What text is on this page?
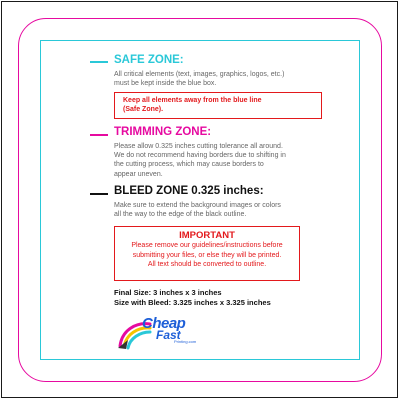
SAFE ZONE:
All critical elements (text, images, graphics, logos, etc.)
must be kept inside the blue box.
Keep all elements away from the blue line
(Safe Zone).
TRIMMING ZONE:
Please allow 0.325 inches cutting tolerance all around.
We do not recommend having borders due to shifting in
the cutting process, which may cause borders to
appear uneven.
BLEED ZONE 0.325 inches:
Make sure to extend the background images or colors
all the way to the edge of the black outline.
IMPORTANT
Please remove our guidelines/instructions before
submitting your files, or else they will be printed.
All text should be converted to outline.
Final Size: 3 inches x 3 inches
Size with Bleed: 3.325 inches x 3.325 inches
Cheap
Fast
Printing.com
